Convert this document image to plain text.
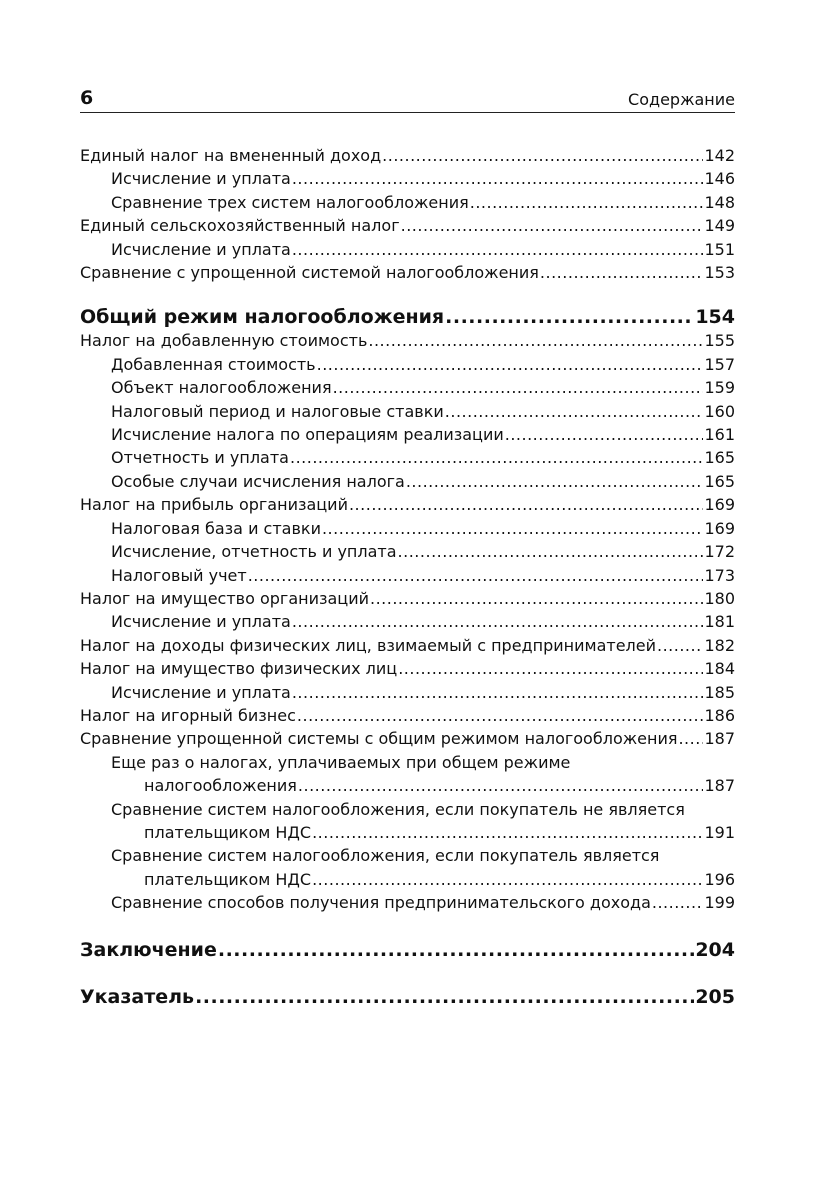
6	Содержание
Единый налог на вмененный доход .....	142
Исчисление и уплата .....	146
Сравнение трех систем налогообложения .....	148
Единый сельскохозяйственный налог .....	149
Исчисление и уплата .....	151
Сравнение с упрощенной системой налогообложения .....	153
Общий режим налогообложения .....	154
Налог на добавленную стоимость .....	155
Добавленная стоимость .....	157
Объект налогообложения .....	159
Налоговый период и налоговые ставки .....	160
Исчисление налога по операциям реализации .....	161
Отчетность и уплата .....	165
Особые случаи исчисления налога .....	165
Налог на прибыль организаций .....	169
Налоговая база и ставки .....	169
Исчисление, отчетность и уплата .....	172
Налоговый учет .....	173
Налог на имущество организаций .....	180
Исчисление и уплата .....	181
Налог на доходы физических лиц, взимаемый с предпринимателей .....	182
Налог на имущество физических лиц .....	184
Исчисление и уплата .....	185
Налог на игорный бизнес .....	186
Сравнение упрощенной системы с общим режимом налогообложения ..... 187
Еще раз о налогах, уплачиваемых при общем режиме
налогообложения .....	187
Сравнение систем налогообложения, если покупатель не является
плательщиком НДС .....	191
Сравнение систем налогообложения, если покупатель является
плательщиком НДС .....	196
Сравнение способов получения предпринимательского дохода .....	199
Заключение .....	204
Указатель .....	205
